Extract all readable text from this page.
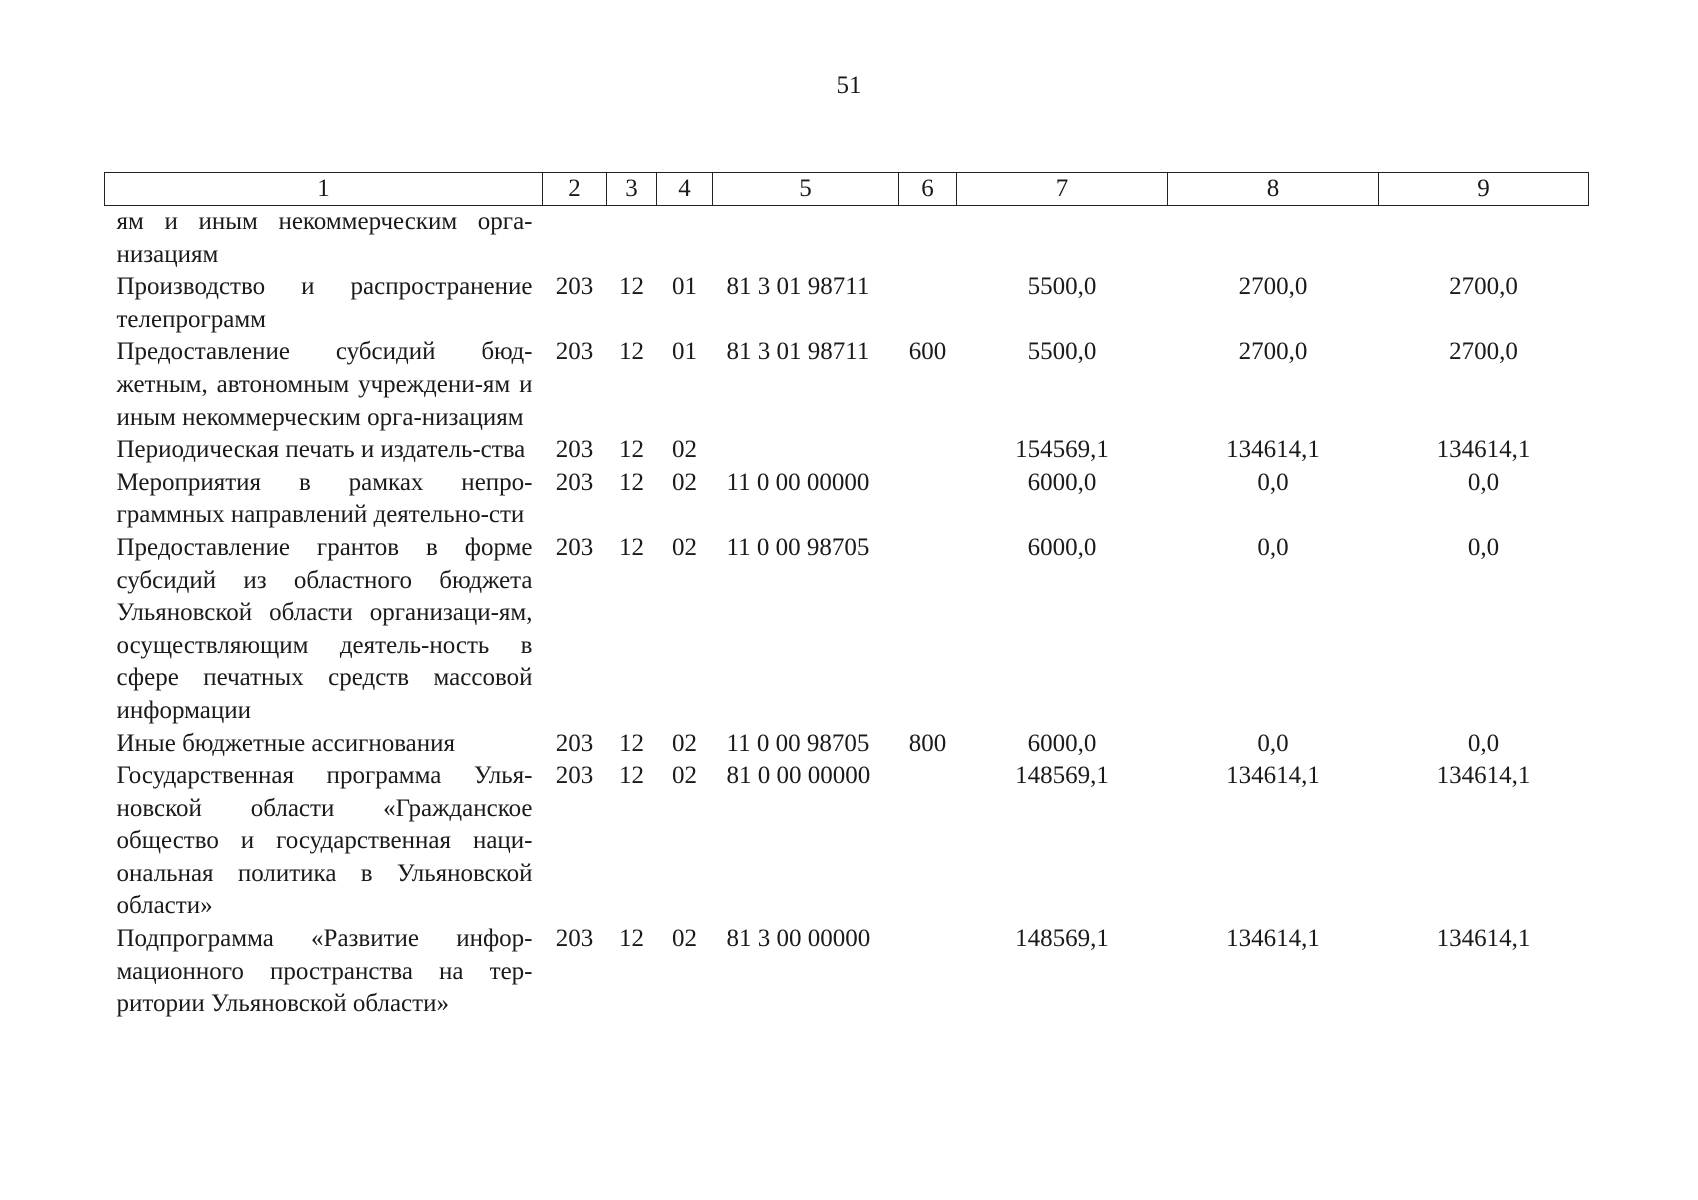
51
1	2	3	4	5	6	7	8	9
ям и иным некоммерческим орга-низациям								
Производство и распространение телепрограмм	203	12	01	81 3 01 98711		5500,0	2700,0	2700,0
Предоставление субсидий бюд-жетным, автономным учреждени-ям и иным некоммерческим орга-низациям	203	12	01	81 3 01 98711	600	5500,0	2700,0	2700,0
Периодическая печать и издатель-ства	203	12	02			154569,1	134614,1	134614,1
Мероприятия в рамках непро-граммных направлений деятельно-сти	203	12	02	11 0 00 00000		6000,0	0,0	0,0
Предоставление грантов в форме субсидий из областного бюджета Ульяновской области организаци-ям, осуществляющим деятель-ность в сфере печатных средств массовой информации	203	12	02	11 0 00 98705		6000,0	0,0	0,0
Иные бюджетные ассигнования	203	12	02	11 0 00 98705	800	6000,0	0,0	0,0
Государственная программа Улья-новской области «Гражданское общество и государственная наци-ональная политика в Ульяновской области»	203	12	02	81 0 00 00000		148569,1	134614,1	134614,1
Подпрограмма «Развитие инфор-мационного пространства на тер-ритории Ульяновской области»	203	12	02	81 3 00 00000		148569,1	134614,1	134614,1
